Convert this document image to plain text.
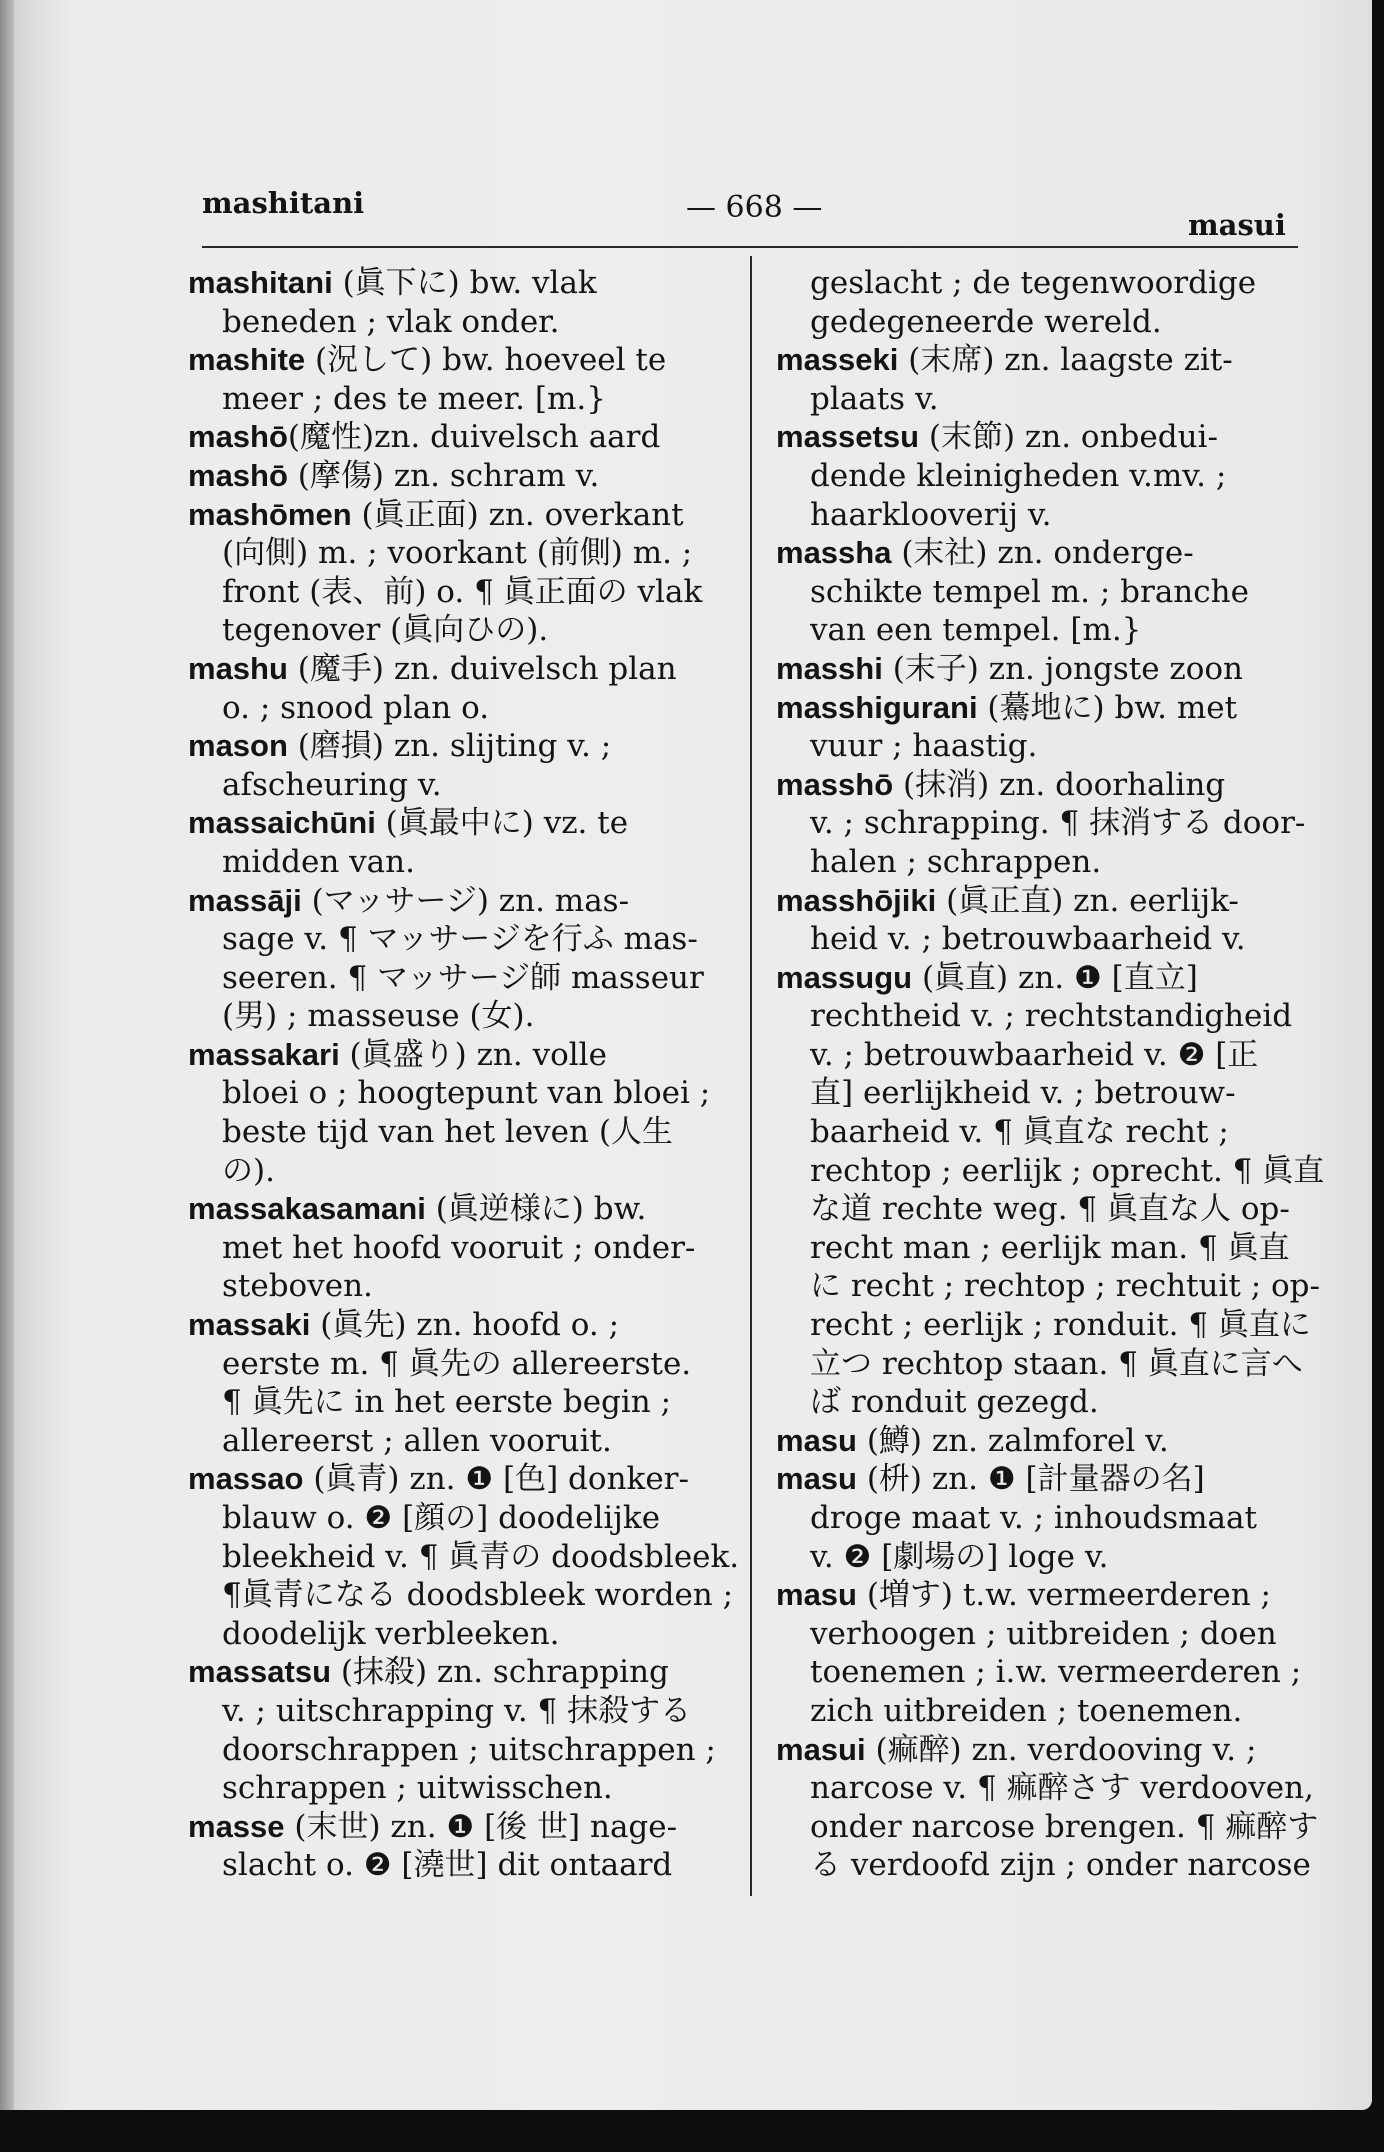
mashitani	— 668 —	masui
mashitani (眞下に) bw. vlak
beneden ; vlak onder.
mashite (況して) bw. hoeveel te
meer ; des te meer. [m.}
mashō(魔性)zn. duivelsch aard
mashō (摩傷) zn. schram v.
mashōmen (眞正面) zn. overkant
(向側) m. ; voorkant (前側) m. ;
front (表、前) o. ¶ 眞正面の vlak
tegenover (眞向ひの).
mashu (魔手) zn. duivelsch plan
o. ; snood plan o.
mason (磨損) zn. slijting v. ;
afscheuring v.
massaichūni (眞最中に) vz. te
midden van.
massāji (マッサージ) zn. mas-
sage v. ¶ マッサージを行ふ mas-
seeren. ¶ マッサージ師 masseur
(男) ; masseuse (女).
massakari (眞盛り) zn. volle
bloei o ; hoogtepunt van bloei ;
beste tijd van het leven (人生
の).
massakasamani (眞逆様に) bw.
met het hoofd vooruit ; onder-
steboven.
massaki (眞先) zn. hoofd o. ;
eerste m. ¶ 眞先の allereerste.
¶ 眞先に in het eerste begin ;
allereerst ; allen vooruit.
massao (眞青) zn. ❶ [色] donker-
blauw o. ❷ [顔の] doodelijke
bleekheid v. ¶ 眞青の doodsbleek.
¶眞青になる doodsbleek worden ;
doodelijk verbleeken.
massatsu (抹殺) zn. schrapping
v. ; uitschrapping v. ¶ 抹殺する
doorschrappen ; uitschrappen ;
schrappen ; uitwisschen.
masse (末世) zn. ❶ [後 世] nage-
slacht o. ❷ [澆世] dit ontaard
geslacht ; de tegenwoordige
gedegeneerde wereld.
masseki (末席) zn. laagste zit-
plaats v.
massetsu (末節) zn. onbedui-
dende kleinigheden v.mv. ;
haarklooverij v.
massha (末社) zn. onderge-
schikte tempel m. ; branche
van een tempel. [m.}
masshi (末子) zn. jongste zoon
masshigurani (驀地に) bw. met
vuur ; haastig.
masshō (抹消) zn. doorhaling
v. ; schrapping. ¶ 抹消する door-
halen ; schrappen.
masshōjiki (眞正直) zn. eerlijk-
heid v. ; betrouwbaarheid v.
massugu (眞直) zn. ❶ [直立]
rechtheid v. ; rechtstandigheid
v. ; betrouwbaarheid v. ❷ [正
直] eerlijkheid v. ; betrouw-
baarheid v. ¶ 眞直な recht ;
rechtop ; eerlijk ; oprecht. ¶ 眞直
な道 rechte weg. ¶ 眞直な人 op-
recht man ; eerlijk man. ¶ 眞直
に recht ; rechtop ; rechtuit ; op-
recht ; eerlijk ; ronduit. ¶ 眞直に
立つ rechtop staan. ¶ 眞直に言へ
ば ronduit gezegd.
masu (鱒) zn. zalmforel v.
masu (枡) zn. ❶ [計量器の名]
droge maat v. ; inhoudsmaat
v. ❷ [劇場の] loge v.
masu (増す) t.w. vermeerderen ;
verhoogen ; uitbreiden ; doen
toenemen ; i.w. vermeerderen ;
zich uitbreiden ; toenemen.
masui (痲醉) zn. verdooving v. ;
narcose v. ¶ 痲醉さす verdooven,
onder narcose brengen. ¶ 痲醉す
る verdoofd zijn ; onder narcose
